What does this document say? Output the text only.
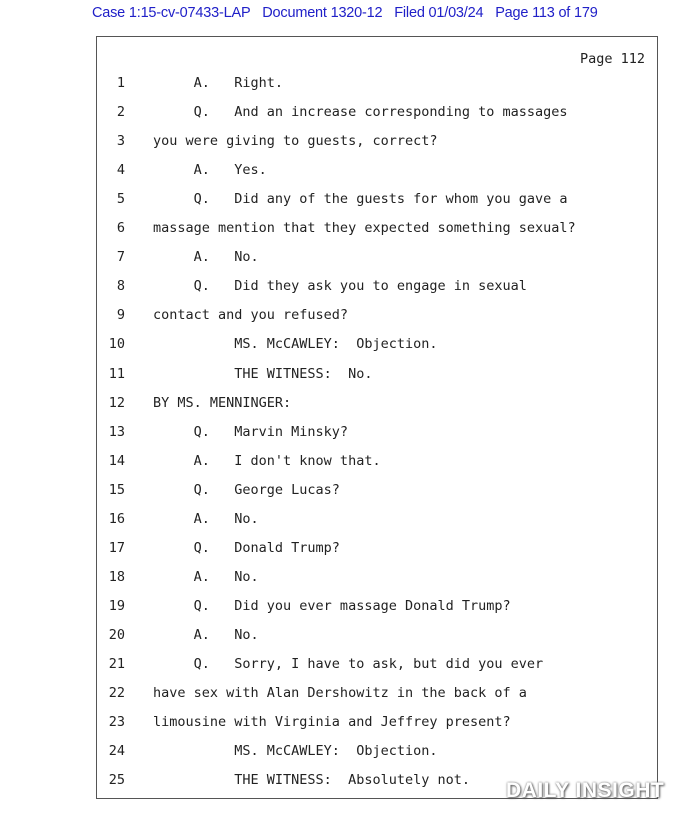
Case 1:15-cv-07433-LAP Document 1320-12 Filed 01/03/24 Page 113 of 179
Page 112
1 A.   Right.
2 Q.   And an increase corresponding to massages
3 you were giving to guests, correct?
4 A.   Yes.
5 Q.   Did any of the guests for whom you gave a
6 massage mention that they expected something sexual?
7 A.   No.
8 Q.   Did they ask you to engage in sexual
9 contact and you refused?
10 MS. McCAWLEY:  Objection.
11 THE WITNESS:  No.
12 BY MS. MENNINGER:
13 Q.   Marvin Minsky?
14 A.   I don't know that.
15 Q.   George Lucas?
16 A.   No.
17 Q.   Donald Trump?
18 A.   No.
19 Q.   Did you ever massage Donald Trump?
20 A.   No.
21 Q.   Sorry, I have to ask, but did you ever
22 have sex with Alan Dershowitz in the back of a
23 limousine with Virginia and Jeffrey present?
24 MS. McCAWLEY:  Objection.
25 THE WITNESS:  Absolutely not. DAILY INSIGHT
